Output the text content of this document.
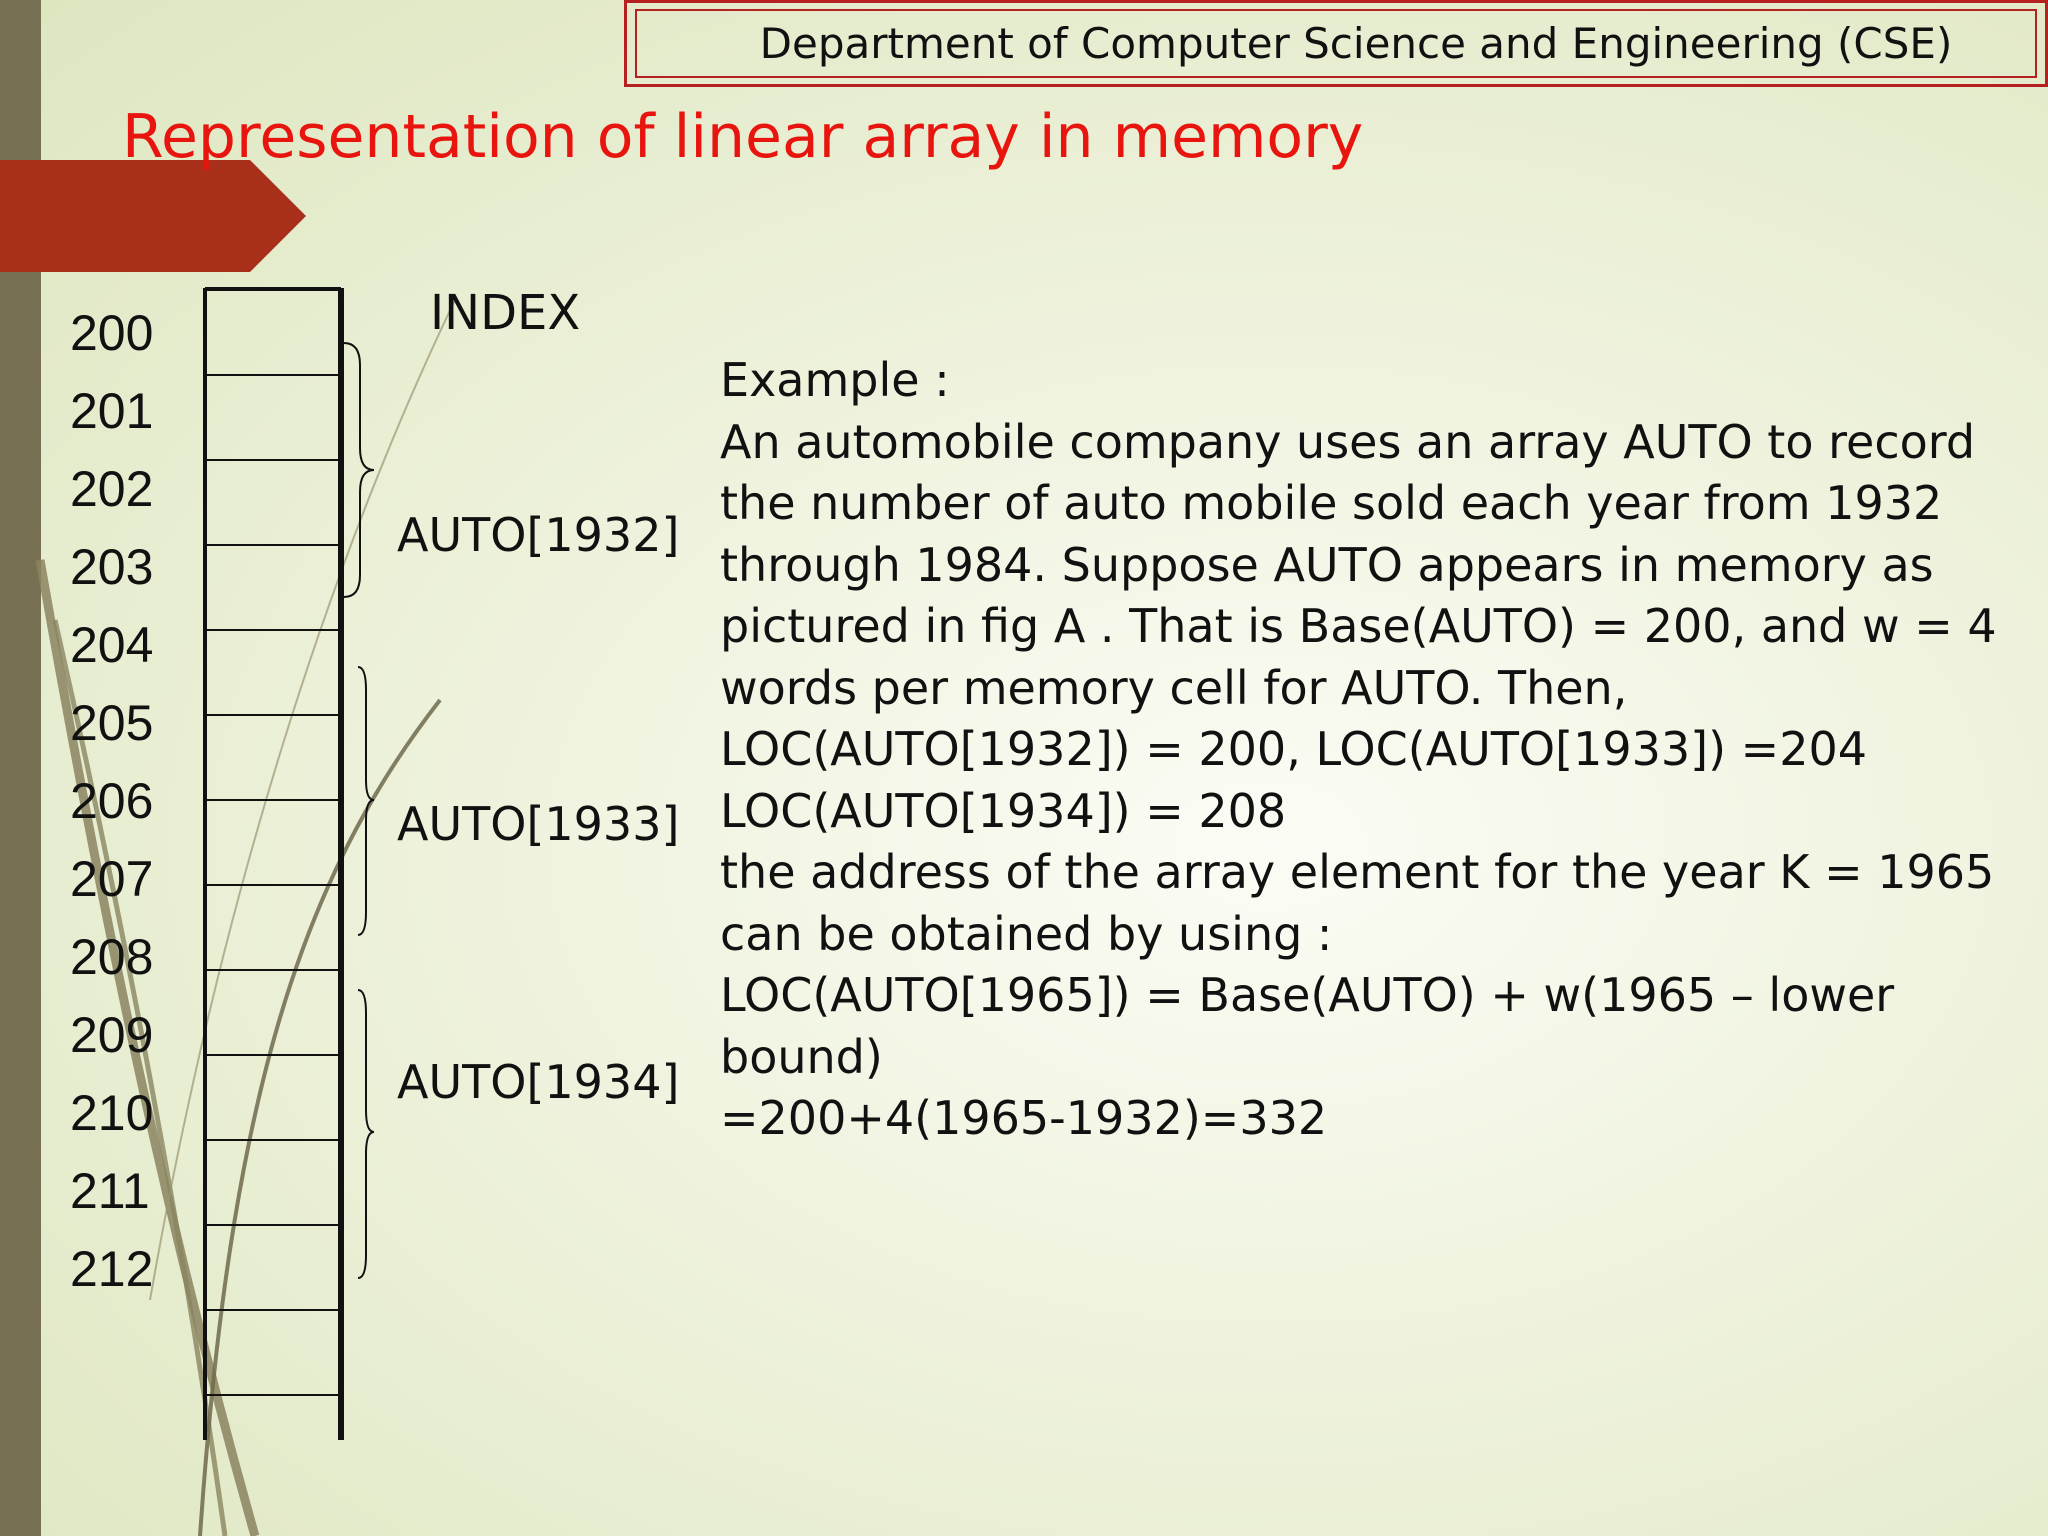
Department of Computer Science and Engineering (CSE)
Representation of linear array in memory
INDEX
200
201
202
203
204
205
206
207
208
209
210
211
212
AUTO[1932]
AUTO[1933]
AUTO[1934]
Example :
An automobile company uses an array AUTO to record
the number of auto mobile sold each year from 1932
through 1984. Suppose AUTO appears in memory as
pictured in fig A . That is Base(AUTO) = 200, and w = 4
words per memory cell for AUTO. Then,
LOC(AUTO[1932]) = 200, LOC(AUTO[1933]) =204
LOC(AUTO[1934]) = 208
the address of the array element for the year K = 1965
can be obtained by using :
LOC(AUTO[1965]) = Base(AUTO) + w(1965 – lower
bound)
=200+4(1965-1932)=332
